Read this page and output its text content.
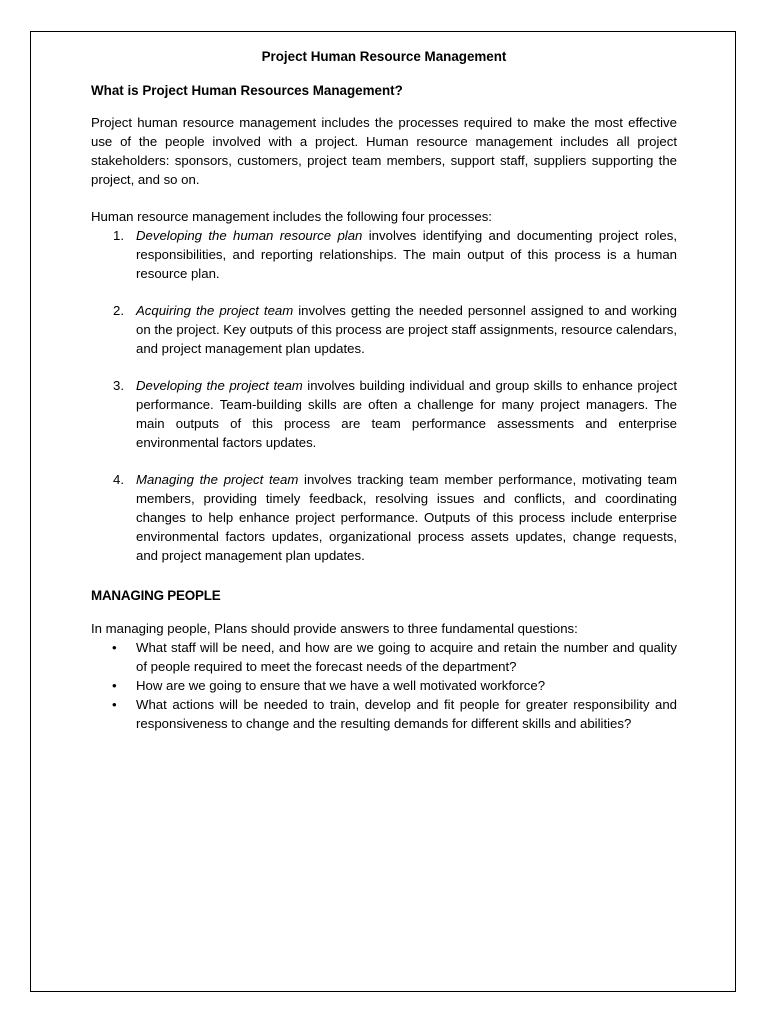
Project Human Resource Management

What is Project Human Resources Management?

Project human resource management includes the processes required to make the most effective use of the people involved with a project. Human resource management includes all project stakeholders: sponsors, customers, project team members, support staff, suppliers supporting the project, and so on.

Human resource management includes the following four processes:

1. Developing the human resource plan involves identifying and documenting project roles, responsibilities, and reporting relationships. The main output of this process is a human resource plan.
2. Acquiring the project team involves getting the needed personnel assigned to and working on the project. Key outputs of this process are project staff assignments, resource calendars, and project management plan updates.
3. Developing the project team involves building individual and group skills to enhance project performance. Team-building skills are often a challenge for many project managers. The main outputs of this process are team performance assessments and enterprise environmental factors updates.
4. Managing the project team involves tracking team member performance, motivating team members, providing timely feedback, resolving issues and conflicts, and coordinating changes to help enhance project performance. Outputs of this process include enterprise environmental factors updates, organizational process assets updates, change requests, and project management plan updates.

MANAGING PEOPLE

In managing people, Plans should provide answers to three fundamental questions:

• What staff will be need, and how are we going to acquire and retain the number and quality of people required to meet the forecast needs of the department?
• How are we going to ensure that we have a well motivated workforce?
• What actions will be needed to train, develop and fit people for greater responsibility and responsiveness to change and the resulting demands for different skills and abilities?
